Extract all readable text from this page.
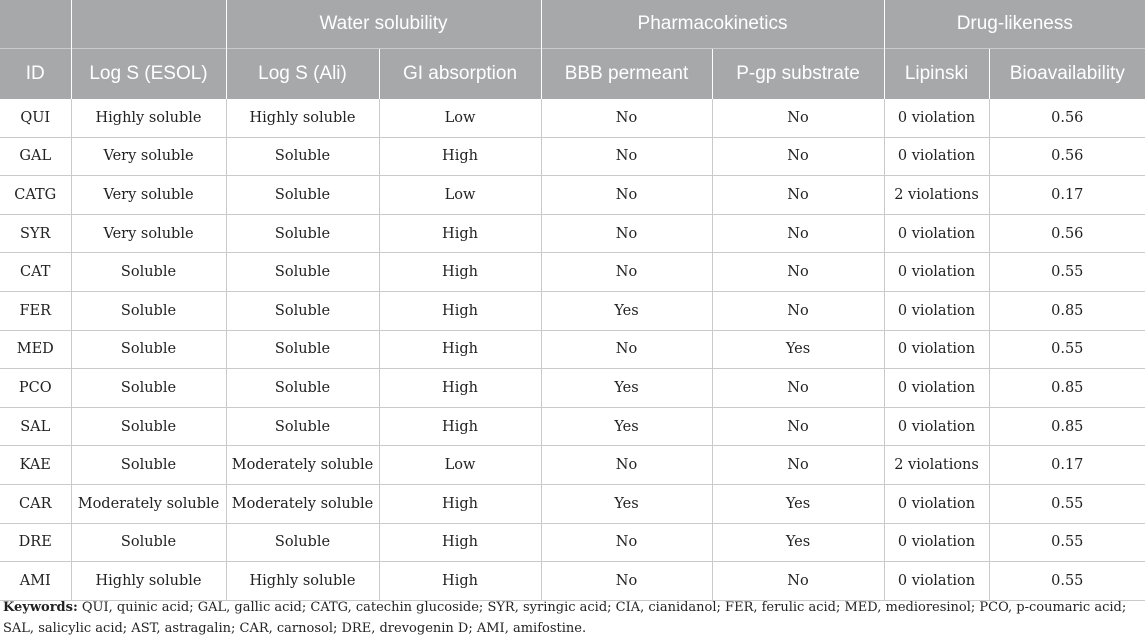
		Water solubility		Pharmacokinetics		Drug-likeness	
ID	Log S (ESOL)	Log S (Ali)	GI absorption	BBB permeant	P-gp substrate	Lipinski	Bioavailability
QUI	Highly soluble	Highly soluble	Low	No	No	0 violation	0.56
GAL	Very soluble	Soluble	High	No	No	0 violation	0.56
CATG	Very soluble	Soluble	Low	No	No	2 violations	0.17
SYR	Very soluble	Soluble	High	No	No	0 violation	0.56
CAT	Soluble	Soluble	High	No	No	0 violation	0.55
FER	Soluble	Soluble	High	Yes	No	0 violation	0.85
MED	Soluble	Soluble	High	No	Yes	0 violation	0.55
PCO	Soluble	Soluble	High	Yes	No	0 violation	0.85
SAL	Soluble	Soluble	High	Yes	No	0 violation	0.85
KAE	Soluble	Moderately soluble	Low	No	No	2 violations	0.17
CAR	Moderately soluble	Moderately soluble	High	Yes	Yes	0 violation	0.55
DRE	Soluble	Soluble	High	No	Yes	0 violation	0.55
AMI	Highly soluble	Highly soluble	High	No	No	0 violation	0.55
Keywords: QUI, quinic acid; GAL, gallic acid; CATG, catechin glucoside; SYR, syringic acid; CIA, cianidanol; FER, ferulic acid; MED, medioresinol; PCO, p-coumaric acid; SAL, salicylic acid; AST, astragalin; CAR, carnosol; DRE, drevogenin D; AMI, amifostine.
